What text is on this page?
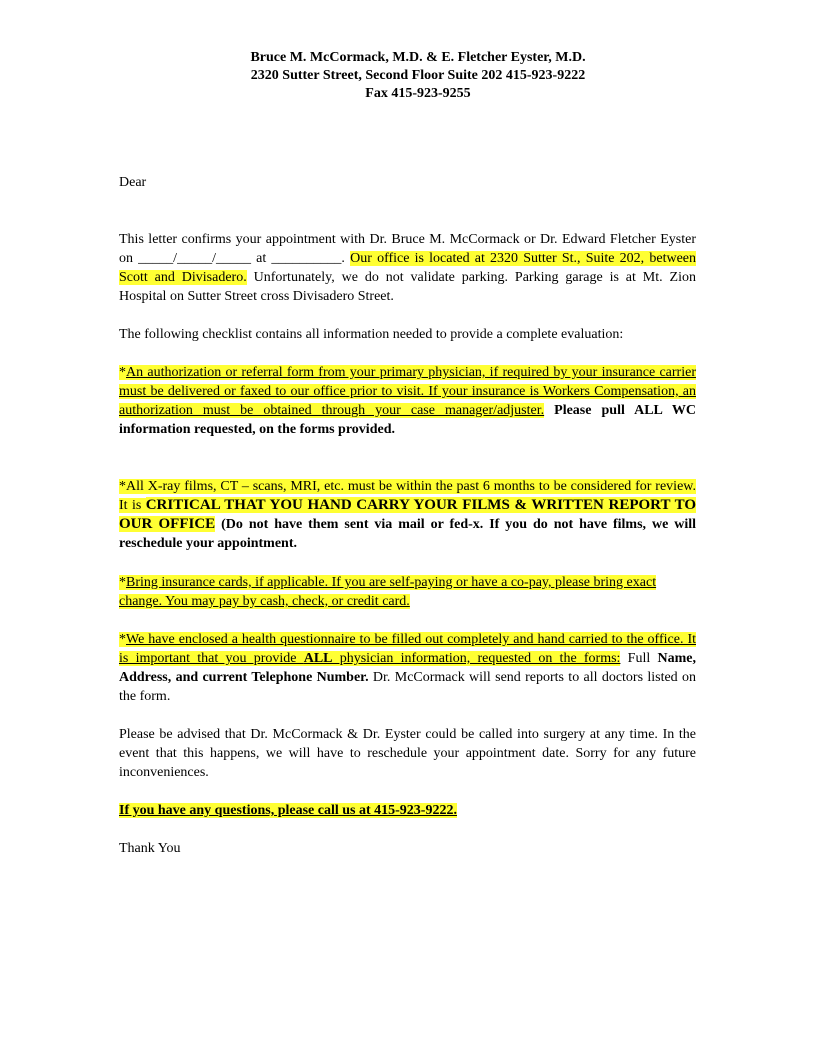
Bruce M. McCormack, M.D. & E. Fletcher Eyster, M.D.
2320 Sutter Street, Second Floor Suite 202 415-923-9222
Fax 415-923-9255

Dear

This letter confirms your appointment with Dr. Bruce M. McCormack or Dr. Edward Fletcher Eyster on _____/_____/_____ at __________. Our office is located at 2320 Sutter St., Suite 202, between Scott and Divisadero. Unfortunately, we do not validate parking. Parking garage is at Mt. Zion Hospital on Sutter Street cross Divisadero Street.

The following checklist contains all information needed to provide a complete evaluation:

*An authorization or referral form from your primary physician, if required by your insurance carrier must be delivered or faxed to our office prior to visit. If your insurance is Workers Compensation, an authorization must be obtained through your case manager/adjuster. Please pull ALL WC information requested, on the forms provided.

*All X-ray films, CT – scans, MRI, etc. must be within the past 6 months to be considered for review. It is CRITICAL THAT YOU HAND CARRY YOUR FILMS & WRITTEN REPORT TO OUR OFFICE (Do not have them sent via mail or fed-x. If you do not have films, we will reschedule your appointment.

*Bring insurance cards, if applicable. If you are self-paying or have a co-pay, please bring exact change. You may pay by cash, check, or credit card.

*We have enclosed a health questionnaire to be filled out completely and hand carried to the office. It is important that you provide ALL physician information, requested on the forms: Full Name, Address, and current Telephone Number. Dr. McCormack will send reports to all doctors listed on the form.

Please be advised that Dr. McCormack & Dr. Eyster could be called into surgery at any time. In the event that this happens, we will have to reschedule your appointment date. Sorry for any future inconveniences.

If you have any questions, please call us at 415-923-9222.

Thank You
